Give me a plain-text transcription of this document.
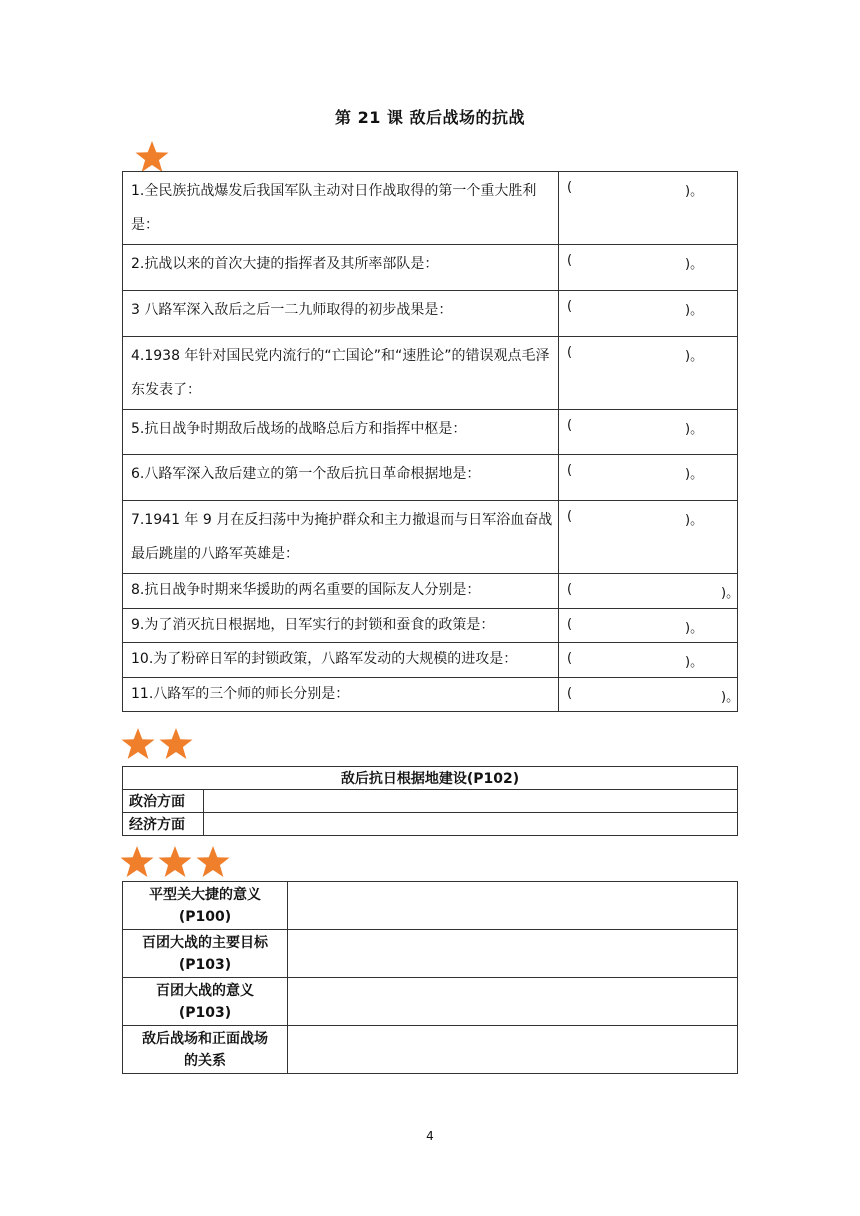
第 21 课 敌后战场的抗战
1.全民族抗战爆发后我国军队主动对日作战取得的第一个重大胜利是：	( )。

2.抗战以来的首次大捷的指挥者及其所率部队是：	( )。

3 八路军深入敌后之后一二九师取得的初步战果是：	( )。

4.1938 年针对国民党内流行的“亡国论”和“速胜论”的错误观点毛泽东发表了：	( )。

5.抗日战争时期敌后战场的战略总后方和指挥中枢是：	( )。

6.八路军深入敌后建立的第一个敌后抗日革命根据地是：	( )。

7.1941 年 9 月在反扫荡中为掩护群众和主力撤退而与日军浴血奋战最后跳崖的八路军英雄是：	( )。

8.抗日战争时期来华援助的两名重要的国际友人分别是：	( )。

9.为了消灭抗日根据地，日军实行的封锁和蚕食的政策是：	( )。

10.为了粉碎日军的封锁政策，八路军发动的大规模的进攻是：	( )。

11.八路军的三个师的师长分别是：	( )。
敌后抗日根据地建设(P102)	
政治方面	
经济方面	
平型关大捷的意义
(P100)	

百团大战的主要目标
(P103)	

百团大战的意义
(P103)	

敌后战场和正面战场
的关系	

4
